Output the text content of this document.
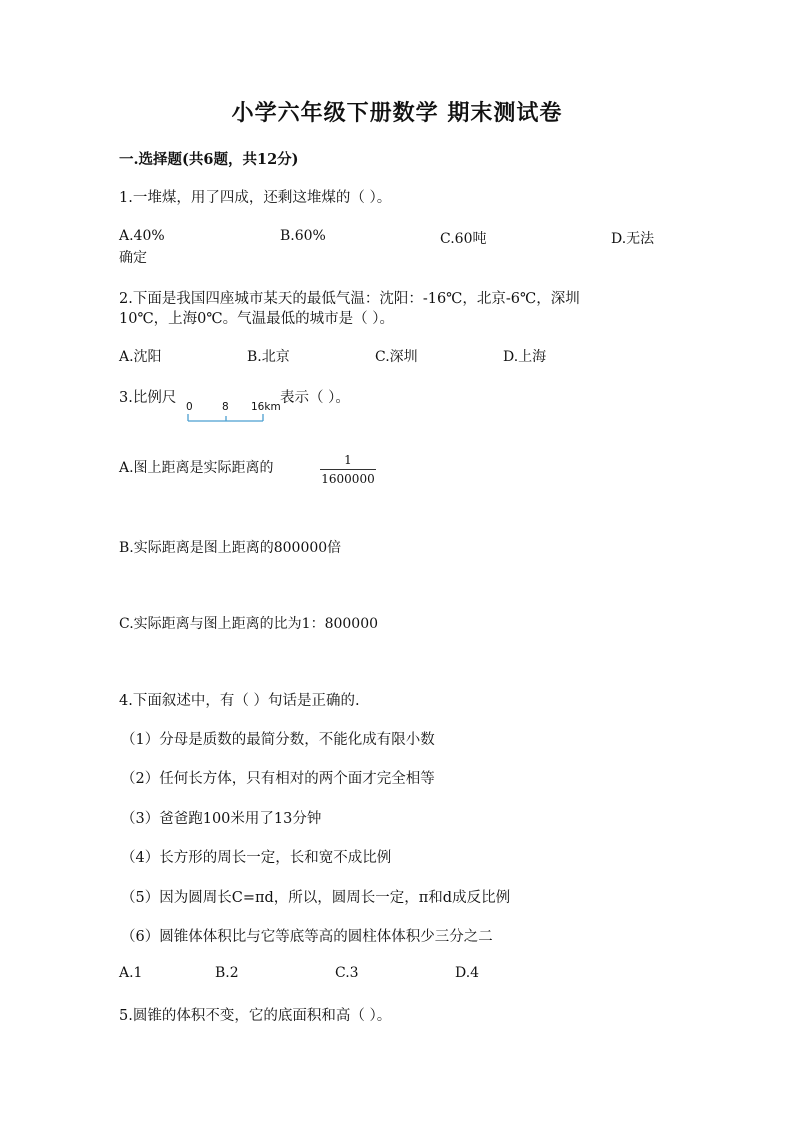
小学六年级下册数学 期末测试卷
一.选择题(共6题，共12分)
1.一堆煤，用了四成，还剩这堆煤的（ ）。
A.40%	B.60%	C.60吨	D.无法
确定
2.下面是我国四座城市某天的最低气温：沈阳：-16℃，北京-6℃，深圳
10℃，上海0℃。气温最低的城市是（ ）。
A.沈阳	B.北京	C.深圳	D.上海
3.比例尺
0	8 16km
表示（ ）。
A.图上距离是实际距离的	1
1600000
B.实际距离是图上距离的800000倍
C.实际距离与图上距离的比为1：800000
4.下面叙述中，有（ ）句话是正确的.
（1）分母是质数的最简分数，不能化成有限小数
（2）任何长方体，只有相对的两个面才完全相等
（3）爸爸跑100米用了13分钟
（4）长方形的周长一定，长和宽不成比例
（5）因为圆周长C=πd，所以，圆周长一定，π和d成反比例
（6）圆锥体体积比与它等底等高的圆柱体体积少三分之二
A.1	B.2	C.3	D.4
5.圆锥的体积不变，它的底面积和高（ ）。
